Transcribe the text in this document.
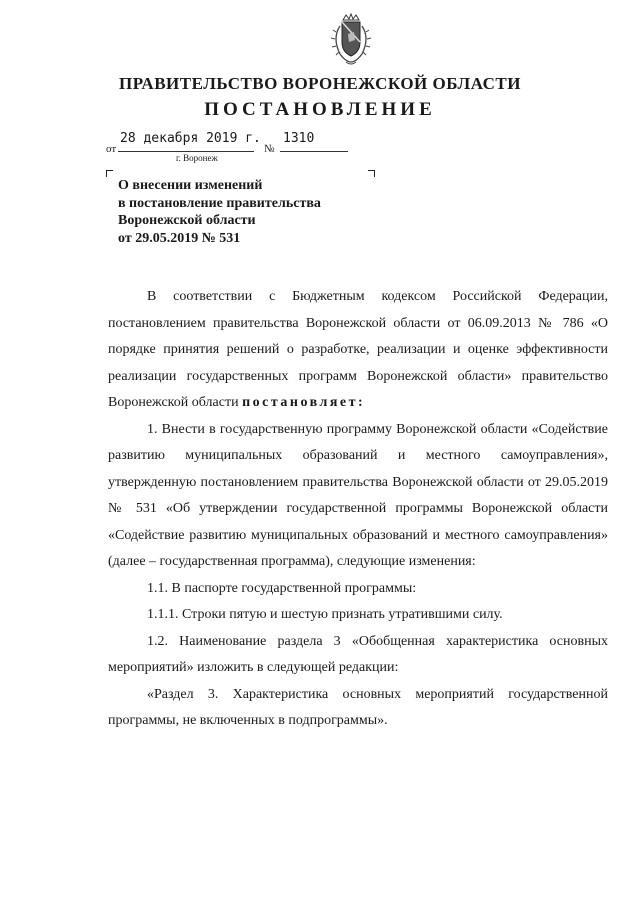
ПРАВИТЕЛЬСТВО ВОРОНЕЖСКОЙ ОБЛАСТИ
ПОСТАНОВЛЕНИЕ
от
28 декабря 2019 г.
№
1310
г. Воронеж
О внесении изменений
в постановление правительства
Воронежской области
от 29.05.2019 № 531

В соответствии с Бюджетным кодексом Российской Федерации, постановлением правительства Воронежской области от 06.09.2013 № 786 «О порядке принятия решений о разработке, реализации и оценке эффективности реализации государственных программ Воронежской области» правительство Воронежской области постановляет:

1. Внести в государственную программу Воронежской области «Содействие развитию муниципальных образований и местного самоуправления», утвержденную постановлением правительства Воронежской области от 29.05.2019 № 531 «Об утверждении государственной программы Воронежской области «Содействие развитию муниципальных образований и местного самоуправления» (далее – государственная программа), следующие изменения:

1.1. В паспорте государственной программы:

1.1.1. Строки пятую и шестую признать утратившими силу.

1.2. Наименование раздела 3 «Обобщенная характеристика основных мероприятий» изложить в следующей редакции:

«Раздел 3. Характеристика основных мероприятий государственной программы, не включенных в подпрограммы».
